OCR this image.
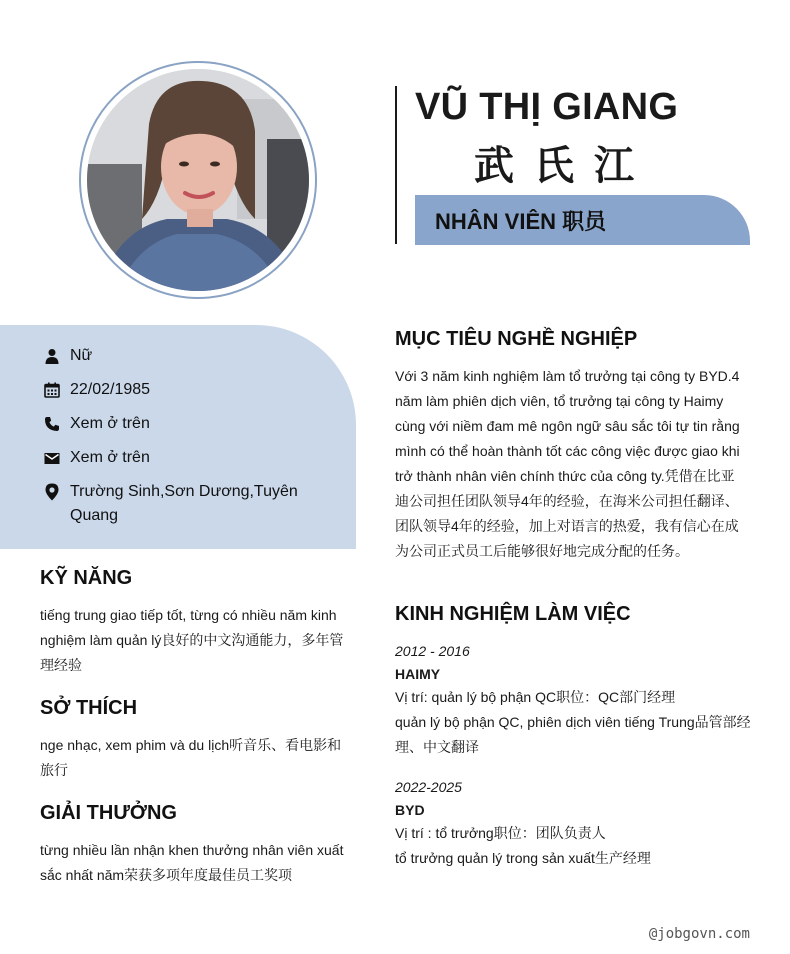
VŨ THỊ GIANG
武氏江
NHÂN VIÊN 职员
Nữ
22/02/1985
Xem ở trên
Xem ở trên
Trường Sinh,Sơn Dương,Tuyên Quang
KỸ NĂNG
tiếng trung giao tiếp tốt, từng có nhiều năm kinh nghiệm làm quản lý良好的中文沟通能力，多年管理经验
SỞ THÍCH
nge nhạc, xem phim và du lịch听音乐、看电影和旅行
GIẢI THƯỞNG
từng nhiều lần nhận khen thưởng nhân viên xuất sắc nhất năm荣获多项年度最佳员工奖项
MỤC TIÊU NGHỀ NGHIỆP
Với 3 năm kinh nghiệm làm tổ trưởng tại công ty BYD.4 năm làm phiên dịch viên, tổ trưởng tại công ty Haimy cùng với niềm đam mê ngôn ngữ sâu sắc tôi tự tin rằng mình có thể hoàn thành tốt các công việc được giao khi trở thành nhân viên chính thức của công ty.凭借在比亚迪公司担任团队领导4年的经验，在海米公司担任翻译、团队领导4年的经验，加上对语言的热爱，我有信心在成为公司正式员工后能够很好地完成分配的任务。
KINH NGHIỆM LÀM VIỆC
2012 - 2016
HAIMY
Vị trí: quản lý bộ phận QC职位：QC部门经理
quản lý bộ phận QC, phiên dịch viên tiếng Trung品管部经理、中文翻译
2022-2025
BYD
Vị trí : tổ trưởng职位：团队负责人
tổ trưởng quản lý trong sản xuất生产经理
@jobgovn.com
